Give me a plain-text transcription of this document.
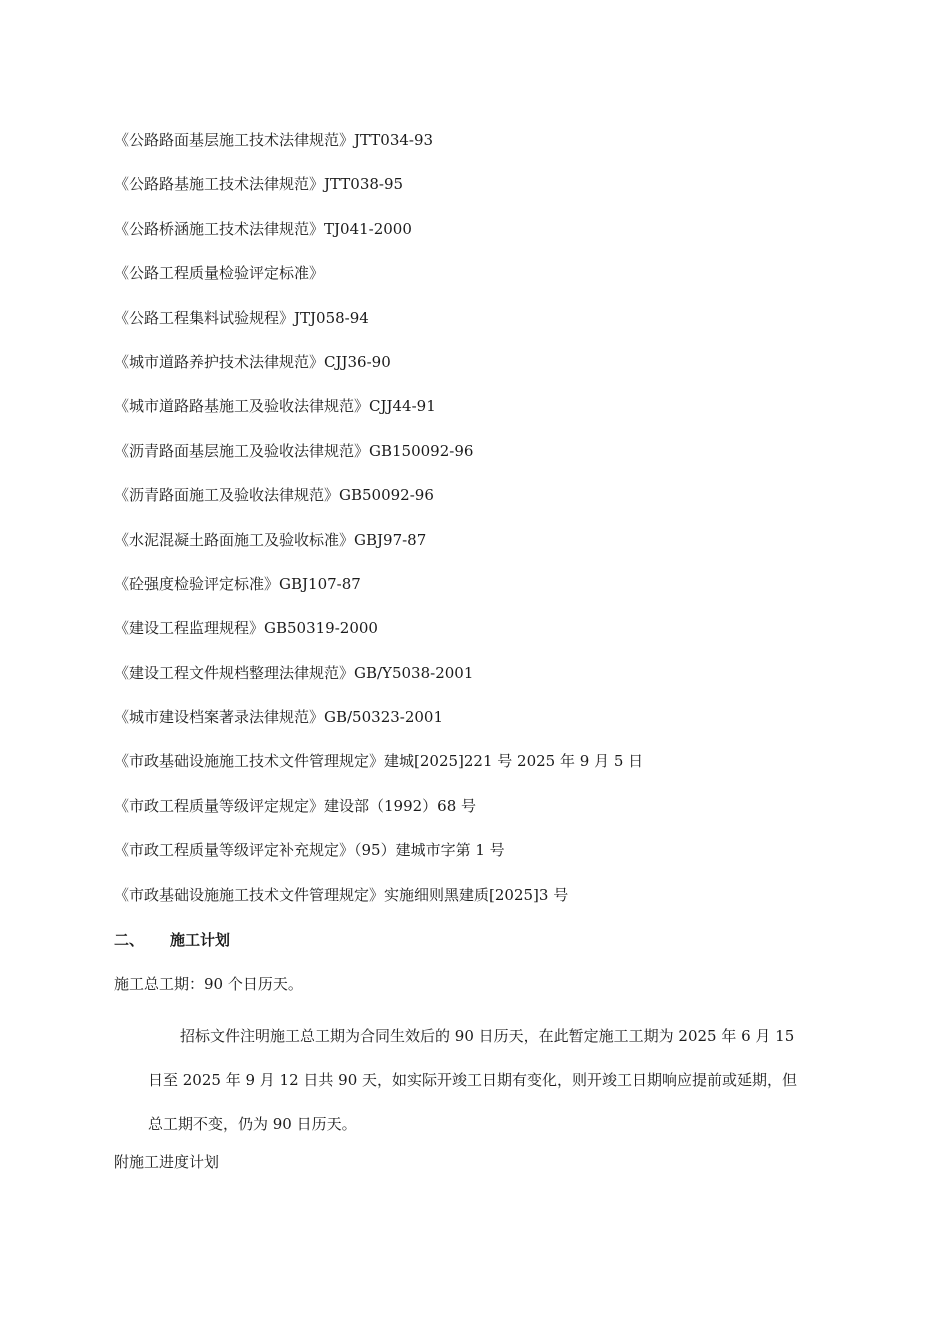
《公路路面基层施工技术法律规范》JTT034-93
《公路路基施工技术法律规范》JTT038-95
《公路桥涵施工技术法律规范》TJ041-2000
《公路工程质量检验评定标准》
《公路工程集料试验规程》JTJ058-94
《城市道路养护技术法律规范》CJJ36-90
《城市道路路基施工及验收法律规范》CJJ44-91
《沥青路面基层施工及验收法律规范》GB150092-96
《沥青路面施工及验收法律规范》GB50092-96
《水泥混凝土路面施工及验收标准》GBJ97-87
《砼强度检验评定标准》GBJ107-87
《建设工程监理规程》GB50319-2000
《建设工程文件规档整理法律规范》GB/Y5038-2001
《城市建设档案著录法律规范》GB/50323-2001
《市政基础设施施工技术文件管理规定》建城[2025]221 号 2025 年 9 月 5 日
《市政工程质量等级评定规定》建设部（1992）68 号
《市政工程质量等级评定补充规定》（95）建城市字第 1 号
《市政基础设施施工技术文件管理规定》实施细则黑建质[2025]3 号
二、 施工计划
施工总工期：90 个日历天。
招标文件注明施工总工期为合同生效后的 90 日历天，在此暂定施工工期为 2025 年 6 月 15
日至 2025 年 9 月 12 日共 90 天，如实际开竣工日期有变化，则开竣工日期响应提前或延期，但
总工期不变，仍为 90 日历天。
附施工进度计划
